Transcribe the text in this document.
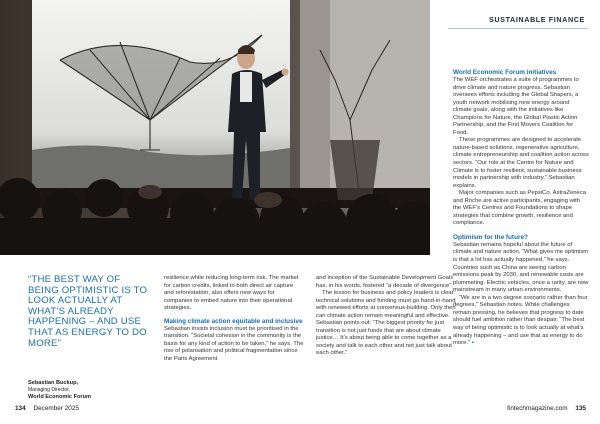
SUSTAINABLE FINANCE
World Economic Forum initiatives

The WEF orchestrates a suite of programmes to drive climate and nature progress. Sebastian oversees efforts including the Global Shapers, a youth network mobilising new energy around climate goals, along with the initiatives like Champions for Nature, the Global Plastic Action Partnership, and the First Movers Coalition for Food.

These programmes are designed to accelerate nature-based solutions, regenerative agriculture, climate entrepreneurship and coalition action across sectors. “Our role at the Centre for Nature and Climate is to foster resilient, sustainable business models in partnership with industry,” Sebastian explains.

Major companies such as PepsiCo, AstraZeneca and Roche are active participants, engaging with the WEF’s Centres and Foundations to shape strategies that combine growth, resilience and compliance.

Optimism for the future?

Sebastian remains hopeful about the future of climate and nature action. “What gives me optimism is that a lot has actually happened,” he says. Countries such as China are seeing carbon emissions peak by 2030, and renewable costs are plummeting. Electric vehicles, once a rarity, are now mainstream in many urban environments.

“We are in a two degree scenario rather than four degrees,” Sebastian notes. While challenges remain pressing, he believes that progress to date should fuel ambition rather than despair. “The best way of being optimistic is to look actually at what’s already happening – and use that as energy to do more.” ▪

“THE BEST WAY OF BEING OPTIMISTIC IS TO LOOK ACTUALLY AT WHAT’S ALREADY HAPPENING – AND USE THAT AS ENERGY TO DO MORE”
Sebastian Buckup,
Managing Director,
World Economic Forum

resilience while reducing long-term risk. The market for carbon credits, linked to both direct air capture and reforestation, also offers new ways for companies to embed nature into their operational strategies.

Making climate action equitable and inclusive

Sebastian insists inclusion must be prioritised in the transition. “Societal cohesion in the community is the basis for any kind of action to be taken,” he says. The rise of polarisation and political fragmentation since the Paris Agreement

and inception of the Sustainable Development Goals has, in his words, fostered “a decade of divergence”.

The lesson for business and policy leaders is clear: technical solutions and funding must go hand-in-hand with renewed efforts at consensus-building. Only then can climate action remain meaningful and effective. Sebastian points out: “The biggest priority for just transition is not just funds that are about climate justice… It’s about being able to come together as a society and talk to each other and not just talk about each other.”

134 December 2025	fintechmagazine.com 135
